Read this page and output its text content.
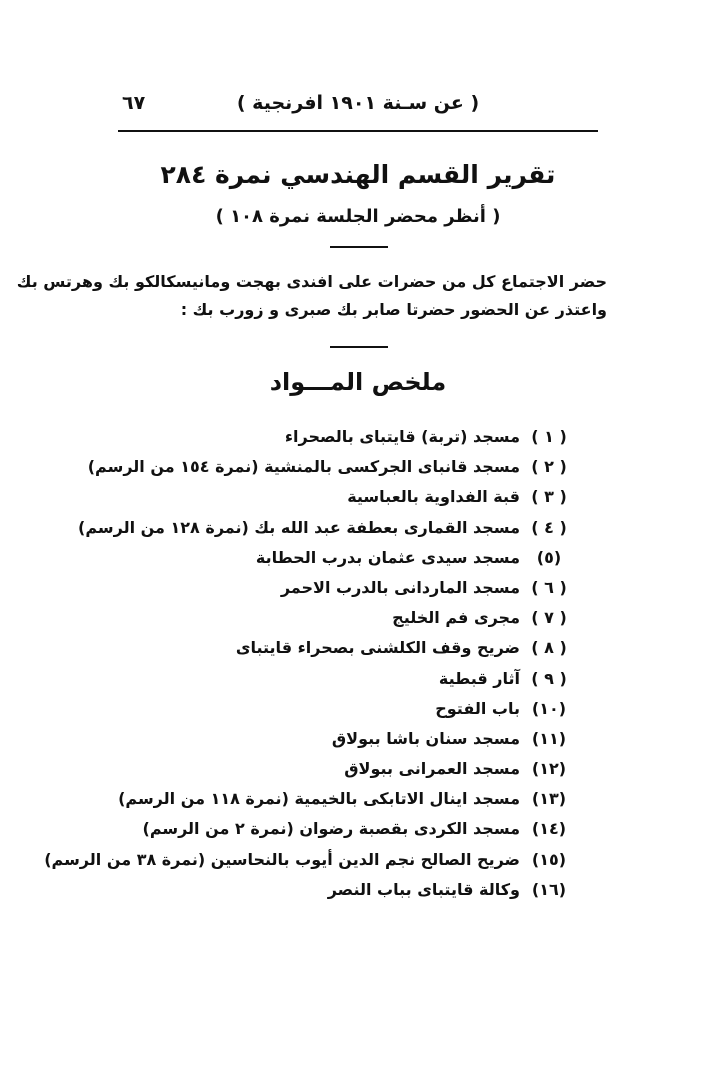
( عن سـنة ١٩٠١ افرنجية )
٦٧
تقرير القسم الهندسي نمرة ٢٨٤
( أنظر محضر الجلسة نمرة ١٠٨ )
حضر الاجتماع كل من حضرات على افندى بهجت ومانيسكالكو بك وهرتس بك
واعتذر عن الحضور حضرتا صابر بك صبرى و زورب بك :
ملخص المـــواد
( ١ )
مسجد (تربة) قايتباى بالصحراء
( ٢ )
مسجد قانباى الجركسى بالمنشية (نمرة ١٥٤ من الرسم)
( ٣ )
قبة الفداوية بالعباسية
( ٤ )
مسجد القمارى بعطفة عبد الله بك (نمرة ١٢٨ من الرسم)
(٥)
مسجد سيدى عثمان بدرب الحطابة
( ٦ )
مسجد الماردانى بالدرب الاحمر
( ٧ )
مجرى فم الخليج
( ٨ )
ضريح وقف الكلشنى بصحراء قايتباى
( ٩ )
آثار قبطية
(١٠)
باب الفتوح
(١١)
مسجد سنان باشا ببولاق
(١٢)
مسجد العمرانى ببولاق
(١٣)
مسجد اينال الاتابكى بالخيمية (نمرة ١١٨ من الرسم)
(١٤)
مسجد الكردى بقصبة رضوان (نمرة ٢ من الرسم)
(١٥)
ضريح الصالح نجم الدين أيوب بالنحاسين (نمرة ٣٨ من الرسم)
(١٦)
وكالة قايتباى بباب النصر
